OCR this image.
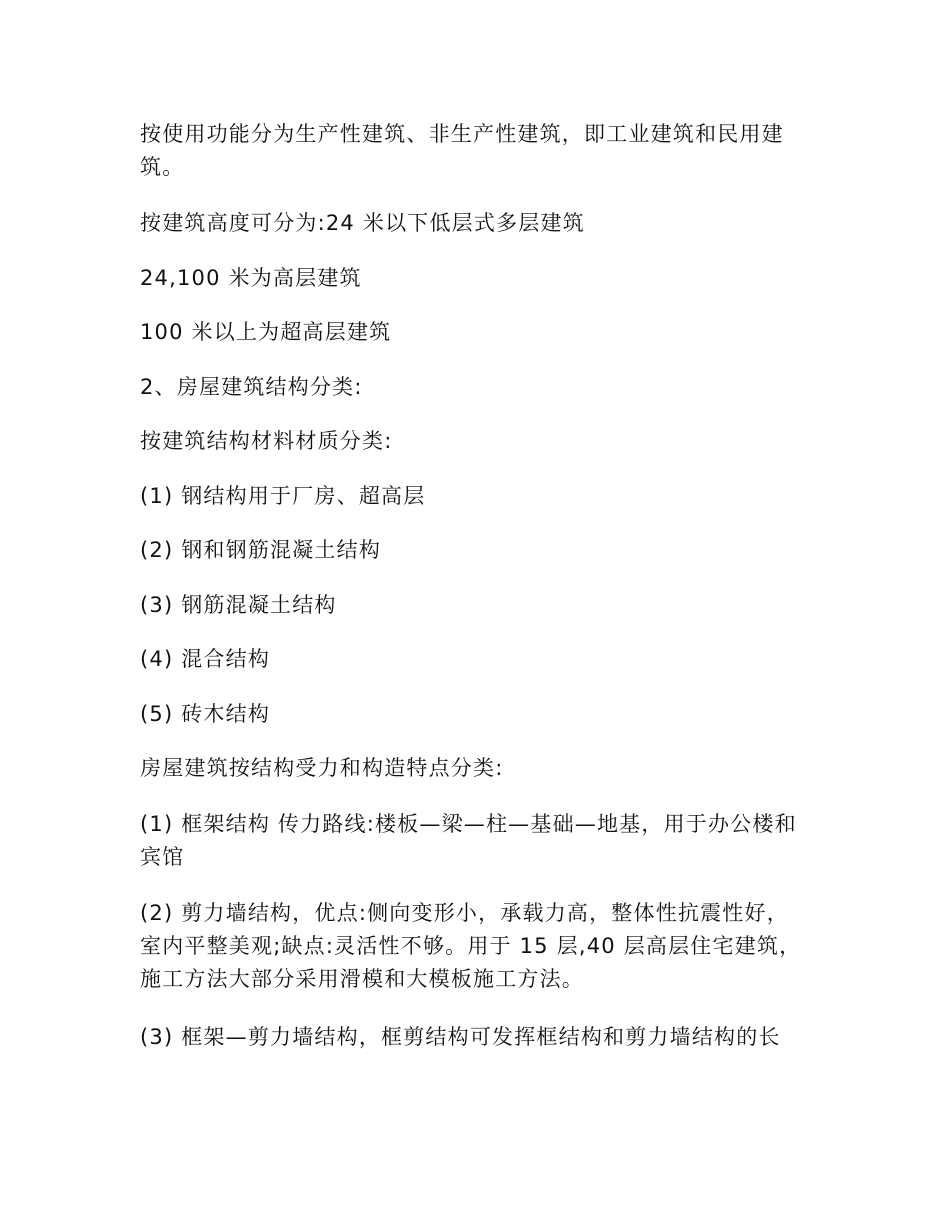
按使用功能分为生产性建筑、非生产性建筑，即工业建筑和民用建筑。

按建筑高度可分为:24 米以下低层式多层建筑

24,100 米为高层建筑

100 米以上为超高层建筑

2、房屋建筑结构分类:

按建筑结构材料材质分类:

(1) 钢结构用于厂房、超高层

(2) 钢和钢筋混凝土结构

(3) 钢筋混凝土结构

(4) 混合结构

(5) 砖木结构

房屋建筑按结构受力和构造特点分类:

(1) 框架结构 传力路线:楼板—梁—柱—基础—地基，用于办公楼和宾馆

(2) 剪力墙结构，优点:侧向变形小，承载力高，整体性抗震性好，室内平整美观;缺点:灵活性不够。用于 15 层,40 层高层住宅建筑，施工方法大部分采用滑模和大模板施工方法。

(3) 框架—剪力墙结构，框剪结构可发挥框结构和剪力墙结构的长
